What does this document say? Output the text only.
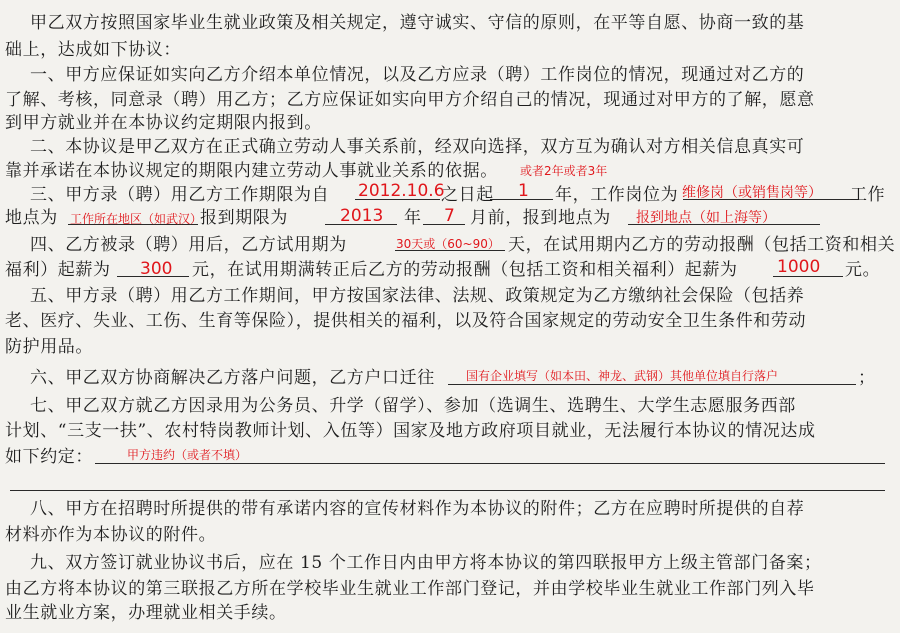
甲乙双方按照国家毕业生就业政策及相关规定，遵守诚实、守信的原则，在平等自愿、协商一致的基
础上，达成如下协议：
一、甲方应保证如实向乙方介绍本单位情况，以及乙方应录（聘）工作岗位的情况，现通过对乙方的
了解、考核，同意录（聘）用乙方；乙方应保证如实向甲方介绍自己的情况，现通过对甲方的了解，愿意
到甲方就业并在本协议约定期限内报到。
二、本协议是甲乙双方在正式确立劳动人事关系前，经双向选择，双方互为确认对方相关信息真实可
靠并承诺在本协议规定的期限内建立劳动人事就业关系的依据。
三、甲方录（聘）用乙方工作期限为自	之日起	年，工作岗位为
地点为	报到期限为	年	月前，报到地点为
四、乙方被录（聘）用后，乙方试用期为	天，在试用期内乙方的劳动报酬（包括工资和相关
福利）起薪为	元，在试用期满转正后乙方的劳动报酬（包括工资和相关福利）起薪为	元。
五、甲方录（聘）用乙方工作期间，甲方按国家法律、法规、政策规定为乙方缴纳社会保险（包括养
老、医疗、失业、工伤、生育等保险），提供相关的福利，以及符合国家规定的劳动安全卫生条件和劳动
防护用品。
六、甲乙双方协商解决乙方落户问题，乙方户口迁往	；
七、甲乙双方就乙方因录用为公务员、升学（留学）、参加（选调生、选聘生、大学生志愿服务西部
计划、“三支一扶”、农村特岗教师计划、入伍等）国家及地方政府项目就业，无法履行本协议的情况达成
如下约定：
八、甲方在招聘时所提供的带有承诺内容的宣传材料作为本协议的附件；乙方在应聘时所提供的自荐
材料亦作为本协议的附件。
九、双方签订就业协议书后，应在 15 个工作日内由甲方将本协议的第四联报甲方上级主管部门备案；
由乙方将本协议的第三联报乙方所在学校毕业生就业工作部门登记，并由学校毕业生就业工作部门列入毕
业生就业方案，办理就业相关手续。
或者2年或者3年
2012.10.6	1	维修岗（或销售岗等） 工作
工作所在地区（如武汉）	2013	7	报到地点（如上海等）
30天或（60~90）
300	1000
国有企业填写（如本田、神龙、武钢）其他单位填自行落户
甲方违约（或者不填）
